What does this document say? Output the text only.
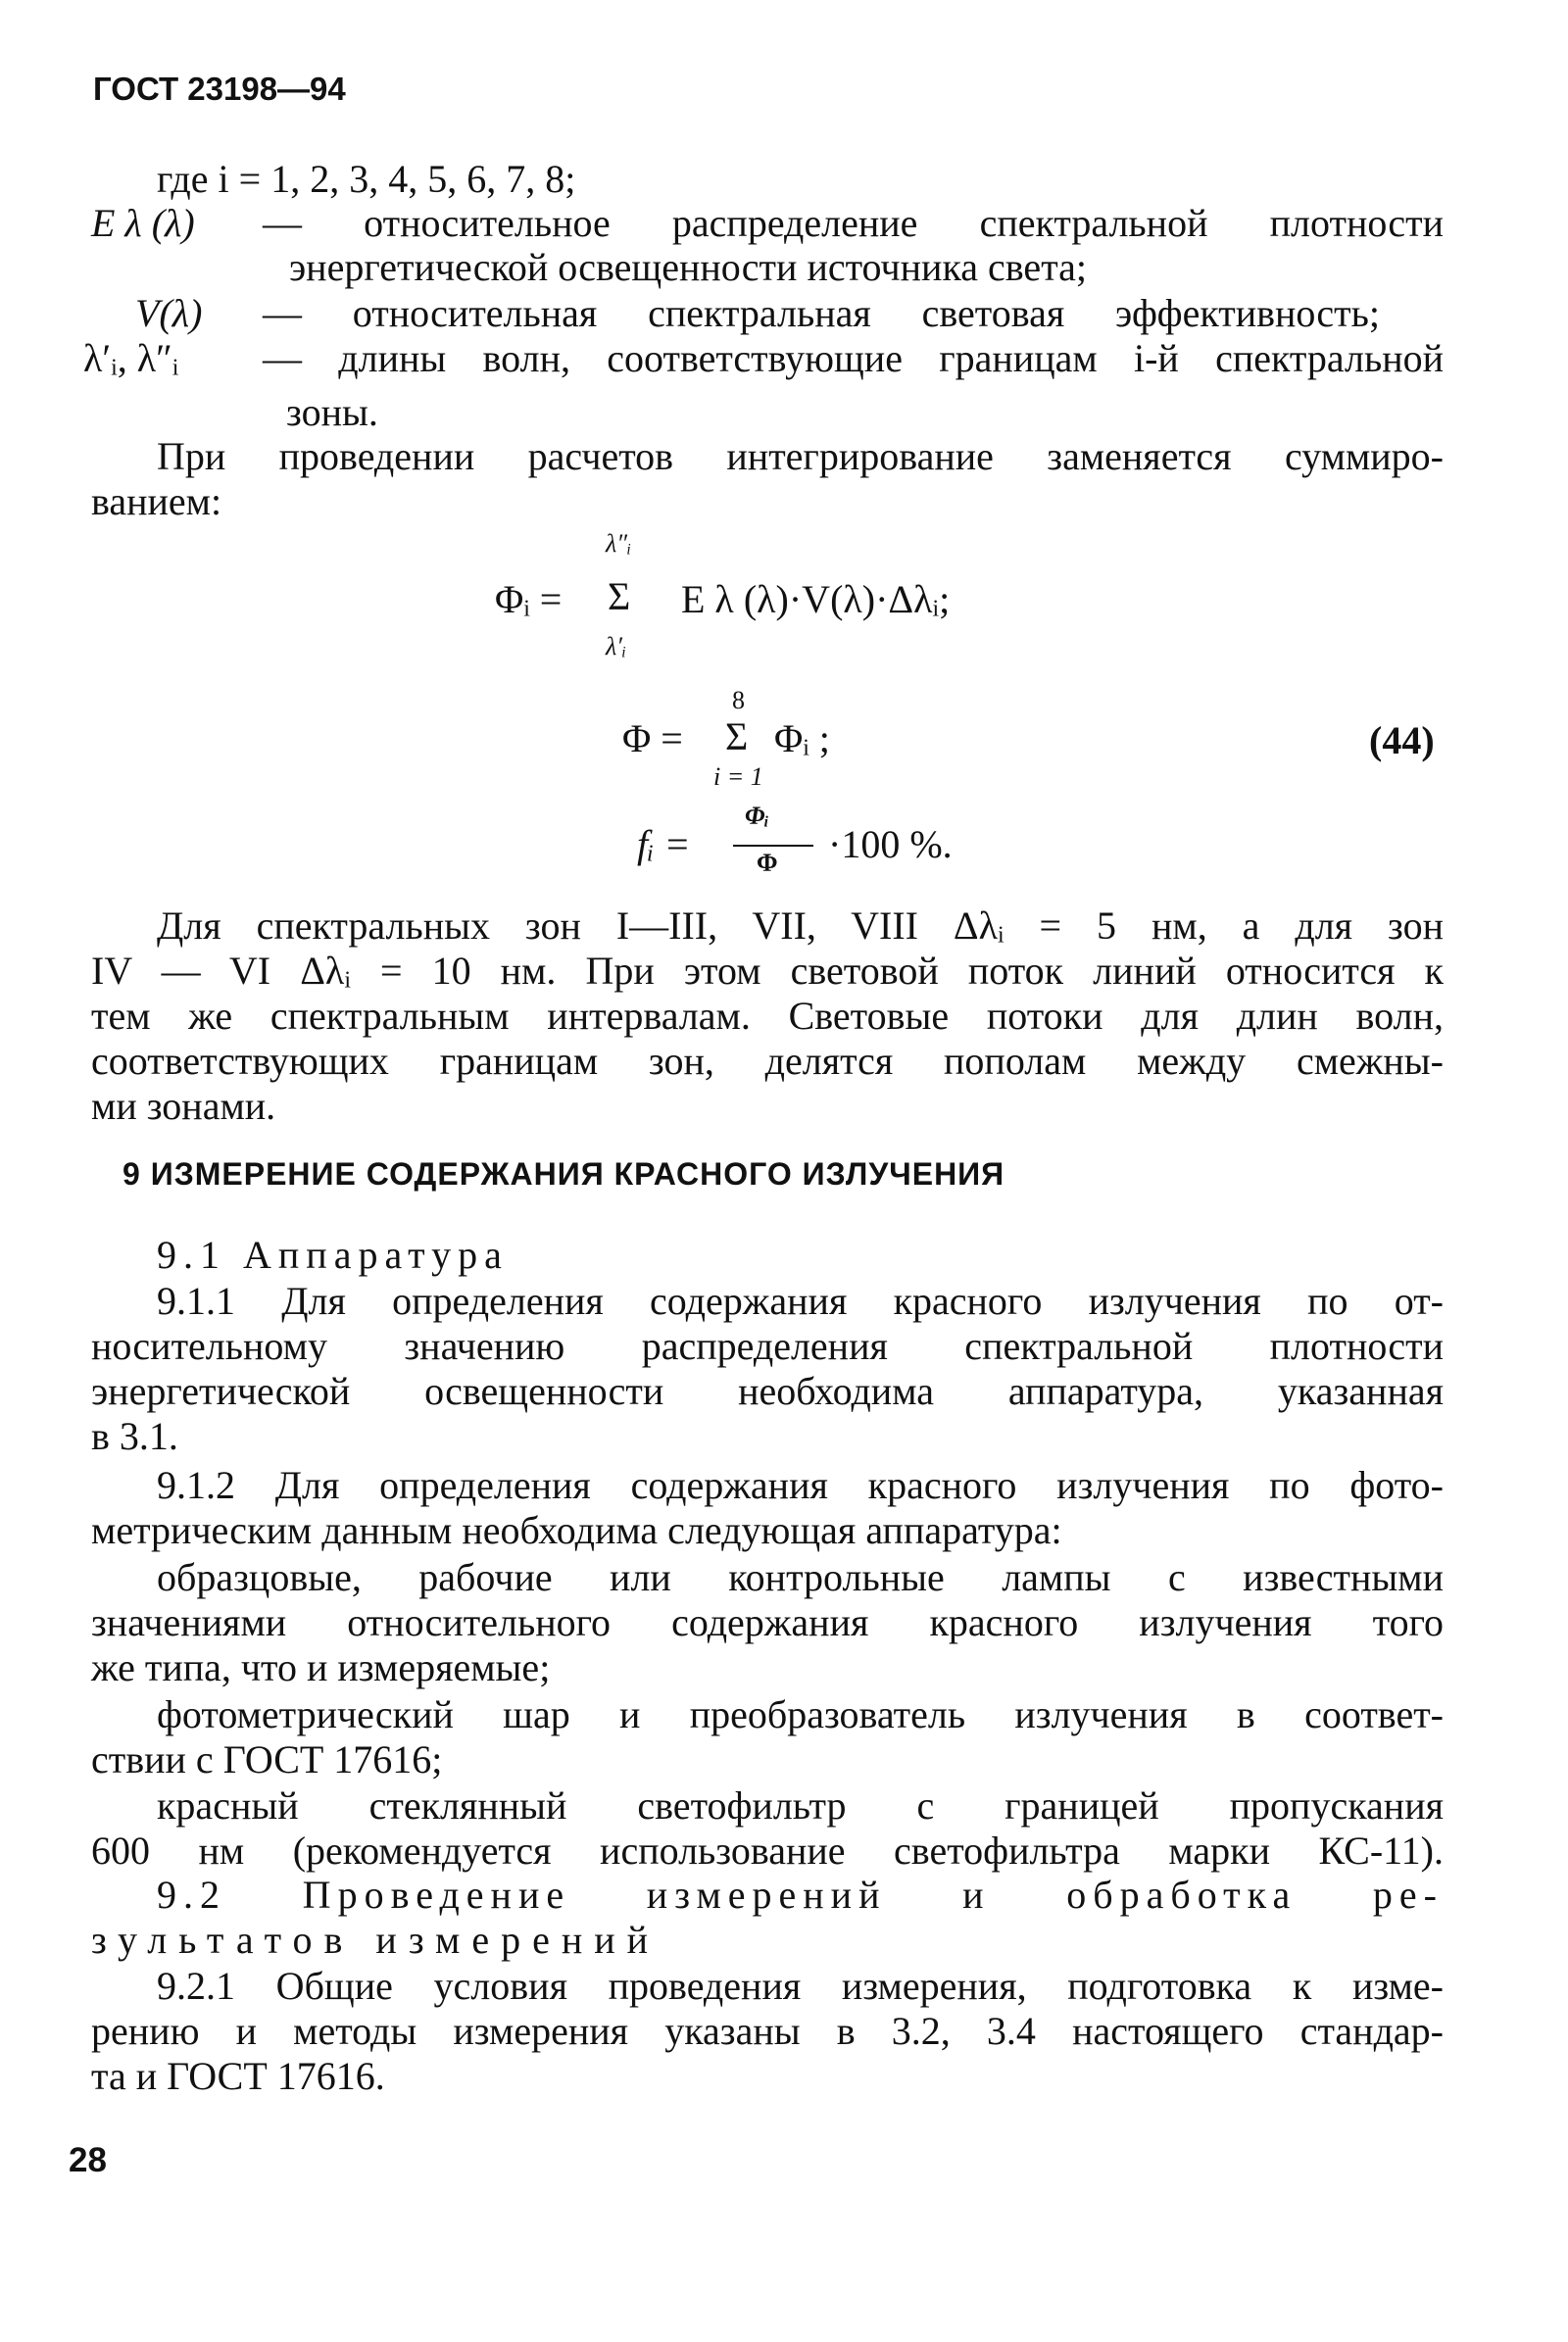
ГОСТ 23198—94
где i = 1, 2, 3, 4, 5, 6, 7, 8;
E λ (λ) — относительное распределение спектральной плотности
энергетической освещенности источника света;
V(λ) — относительная спектральная световая эффективность;
λ′ᵢ, λ″ᵢ — длины волн, соответствующие границам i-й спектральной
зоны.
При проведении расчетов интегрирование заменяется суммиро-
ванием:
Φᵢ =
λ″ᵢ
Σ
λ′ᵢ
E λ (λ)·V(λ)·Δλᵢ;
Φ =
8
Σ
i = 1
Φᵢ ;	(44)
fᵢ =
Φᵢ
Φ ·100 %.
Для спектральных зон I—III, VII, VIII Δλᵢ = 5 нм, а для зон
IV — VI Δλᵢ = 10 нм. При этом световой поток линий относится к
тем же спектральным интервалам. Световые потоки для длин волн,
соответствующих границам зон, делятся пополам между смежны-
ми зонами.
9 ИЗМЕРЕНИЕ СОДЕРЖАНИЯ КРАСНОГО ИЗЛУЧЕНИЯ
9.1 Аппаратура
9.1.1 Для определения содержания красного излучения по от-
носительному значению распределения спектральной плотности
энергетической освещенности необходима аппаратура, указанная
в 3.1.
9.1.2 Для определения содержания красного излучения по фото-
метрическим данным необходима следующая аппаратура:
образцовые, рабочие или контрольные лампы с известными
значениями относительного содержания красного излучения того
же типа, что и измеряемые;
фотометрический шар и преобразователь излучения в соответ-
ствии с ГОСТ 17616;
красный стеклянный светофильтр с границей пропускания
600 нм (рекомендуется использование светофильтра марки КС-11).
9.2 Проведение измерений и обработка ре-
зультатов измерений
9.2.1 Общие условия проведения измерения, подготовка к изме-
рению и методы измерения указаны в 3.2, 3.4 настоящего стандар-
та и ГОСТ 17616.
28
